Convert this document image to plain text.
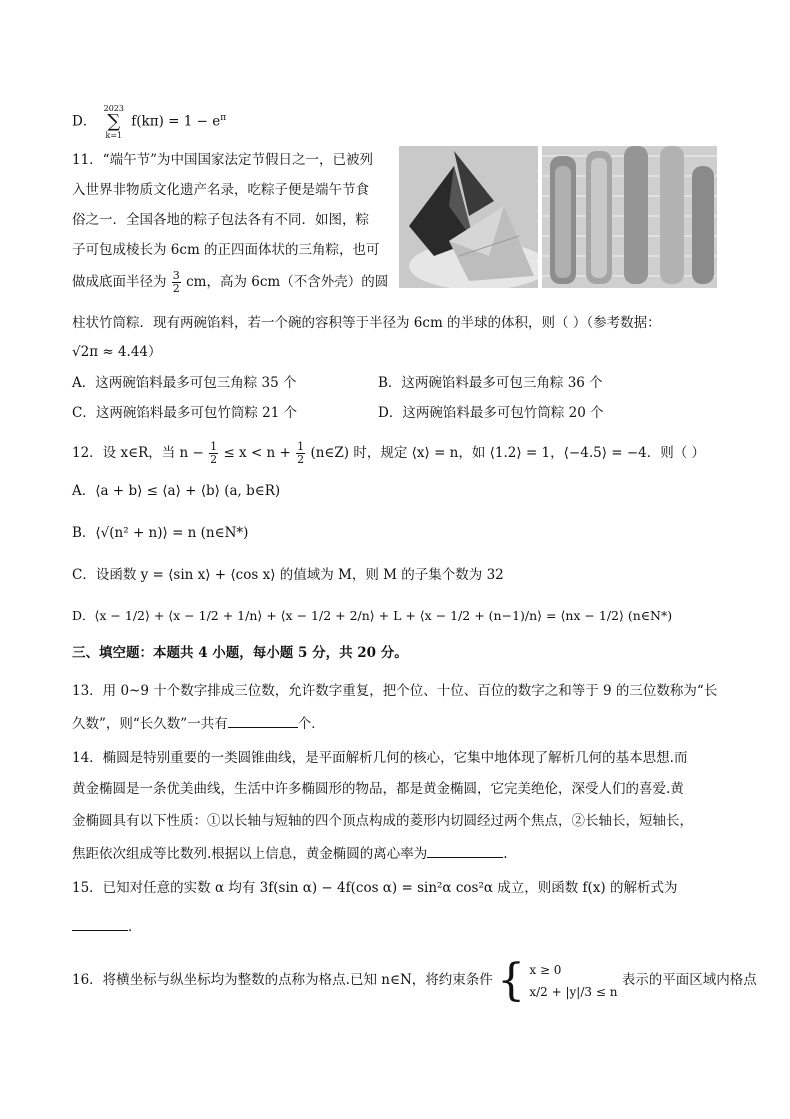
D．
2023
∑
k=1
$f(k\pi) = 1 - e^\pi$
11．“端午节”为中国国家法定节假日之一，已被列
入世界非物质文化遗产名录，吃粽子便是端午节食
俗之一．全国各地的粽子包法各有不同．如图，粽
子可包成棱长为 6cm 的正四面体状的三角粽，也可
做成底面半径为 $\frac{3}{2}$ cm，高为 6cm（不含外壳）的圆
柱状竹筒粽．现有两碗馅料，若一个碗的容积等于半径为 6cm 的半球的体积，则（ ）（参考数据：
√2π ≈ 4.44）
A．这两碗馅料最多可包三角粽 35 个	B．这两碗馅料最多可包三角粽 36 个
C．这两碗馅料最多可包竹筒粽 21 个	D．这两碗馅料最多可包竹筒粽 20 个
12．设 x∈R，当 $n - \frac{1}{2} \le x < n + \frac{1}{2}$ (n∈Z) 时，规定 ⟨x⟩ = n，如 ⟨1.2⟩ = 1，⟨−4.5⟩ = −4．则（ ）
A．⟨a + b⟩ ≤ ⟨a⟩ + ⟨b⟩ (a, b∈R)
B．⟨√(n² + n)⟩ = n (n∈N*)
C．设函数 y = ⟨sin x⟩ + ⟨cos x⟩ 的值域为 M，则 M 的子集个数为 32
D．⟨x − 1/2⟩ + ⟨x − 1/2 + 1/n⟩ + ⟨x − 1/2 + 2/n⟩ + L + ⟨x − 1/2 + (n−1)/n⟩ = ⟨nx − 1/2⟩ (n∈N*)
三、填空题：本题共 4 小题，每小题 5 分，共 20 分。
13．用 0~9 十个数字排成三位数，允许数字重复，把个位、十位、百位的数字之和等于 9 的三位数称为“长
久数”，则“长久数”一共有	个．
14．椭圆是特别重要的一类圆锥曲线，是平面解析几何的核心，它集中地体现了解析几何的基本思想.而
黄金椭圆是一条优美曲线，生活中许多椭圆形的物品，都是黄金椭圆，它完美绝伦，深受人们的喜爱.黄
金椭圆具有以下性质：①以长轴与短轴的四个顶点构成的菱形内切圆经过两个焦点，②长轴长，短轴长，
焦距依次组成等比数列.根据以上信息，黄金椭圆的离心率为	.
15．已知对任意的实数 α 均有 3f(sin α) − 4f(cos α) = sin²α cos²α 成立，则函数 f(x) 的解析式为
．
16．将横坐标与纵坐标均为整数的点称为格点.已知 n∈N，将约束条件 { x ≥ 0
x/2 + |y|/3 ≤ n
表示的平面区域内格点
